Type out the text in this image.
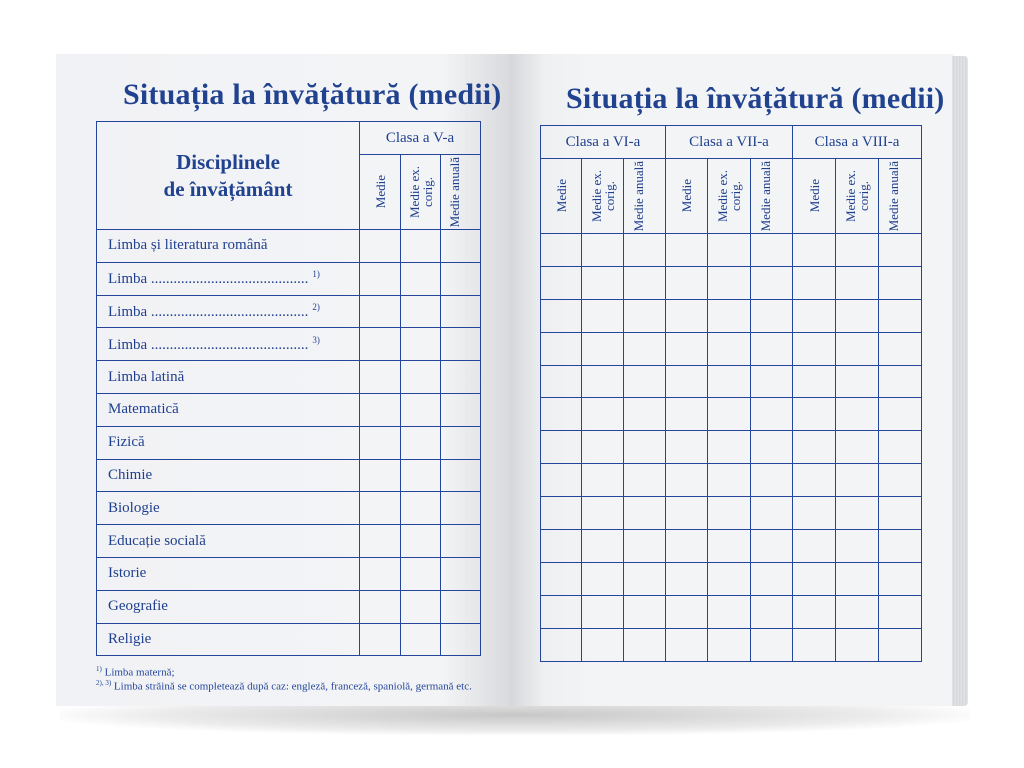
Situația la învățătură (medii) Situația la învățătură (medii)
Disciplinele
de învățământ	Clasa a V-a		

	Medie	Medie ex. corig.	Medie anuală

Limba și literatura română			
Limba .......................................... $^{1)}$			
Limba .......................................... $^{2)}$			
Limba .......................................... $^{3)}$			
Limba latină			
Matematică			
Fizică			
Chimie			
Biologie			
Educație socială			
Istorie			
Geografie			
Religie			
Clasa a VI-a			Clasa a VII-a			Clasa a VIII-a		

Medie	Medie ex. corig.	Medie anuală	Medie	Medie ex. corig.	Medie anuală	Medie	Medie ex. corig.	Medie anuală

$^{1)}$ Limba maternă;

$^{2), 3)}$ Limba străină se completează după caz: engleză, franceză, spaniolă, germană etc.
